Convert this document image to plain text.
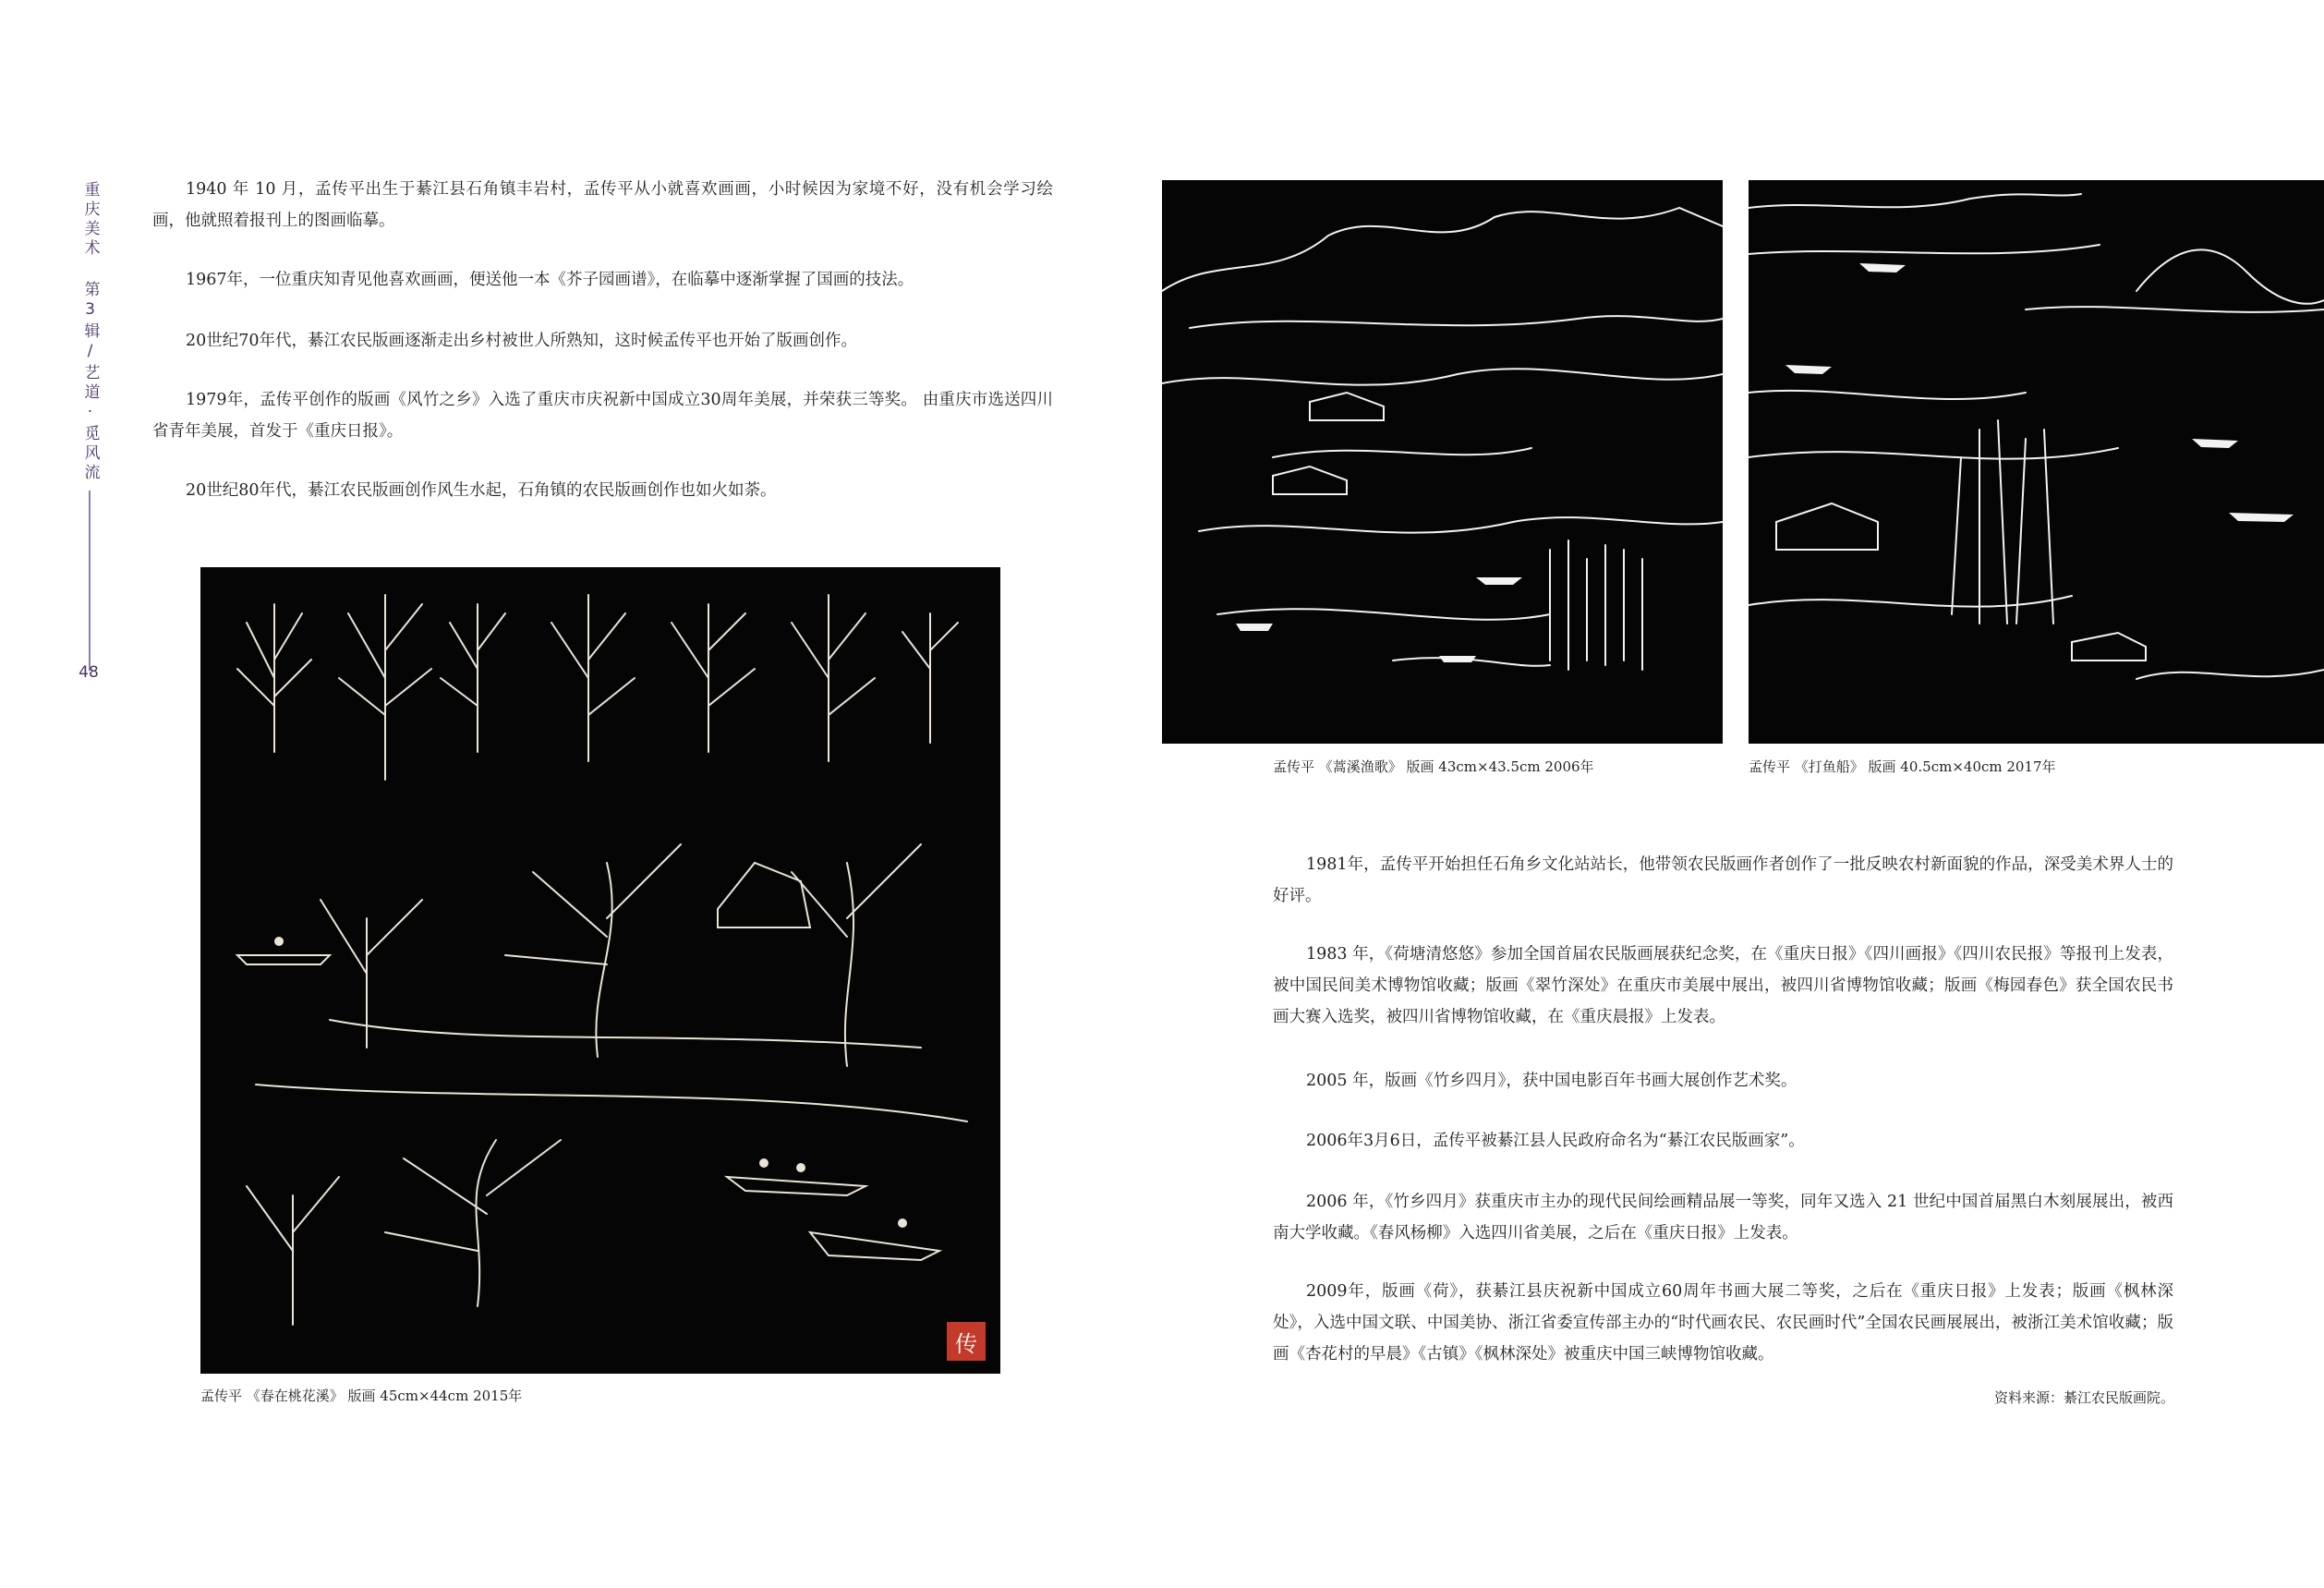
重庆美术 第3辑/艺道·觅风流
48

1940 年 10 月，孟传平出生于綦江县石角镇丰岩村，孟传平从小就喜欢画画，小时候因为家境不好，没有机会学习绘画，他就照着报刊上的图画临摹。

1967年，一位重庆知青见他喜欢画画，便送他一本《芥子园画谱》，在临摹中逐渐掌握了国画的技法。

20世纪70年代，綦江农民版画逐渐走出乡村被世人所熟知，这时候孟传平也开始了版画创作。

1979年，孟传平创作的版画《风竹之乡》入选了重庆市庆祝新中国成立30周年美展，并荣获三等奖。 由重庆市选送四川省青年美展，首发于《重庆日报》。

20世纪80年代，綦江农民版画创作风生水起，石角镇的农民版画创作也如火如荼。

传
孟传平 《春在桃花溪》 版画 45cm×44cm 2015年
孟传平 《蒿溪渔歌》 版画 43cm×43.5cm 2006年	孟传平 《打鱼船》 版画 40.5cm×40cm 2017年

1981年，孟传平开始担任石角乡文化站站长，他带领农民版画作者创作了一批反映农村新面貌的作品，深受美术界人士的好评。

1983 年，《荷塘清悠悠》参加全国首届农民版画展获纪念奖，在《重庆日报》《四川画报》《四川农民报》等报刊上发表，被中国民间美术博物馆收藏；版画《翠竹深处》在重庆市美展中展出，被四川省博物馆收藏；版画《梅园春色》获全国农民书画大赛入选奖，被四川省博物馆收藏，在《重庆晨报》上发表。

2005 年，版画《竹乡四月》，获中国电影百年书画大展创作艺术奖。

2006年3月6日，孟传平被綦江县人民政府命名为“綦江农民版画家”。

2006 年，《竹乡四月》获重庆市主办的现代民间绘画精品展一等奖，同年又选入 21 世纪中国首届黑白木刻展展出，被西南大学收藏。《春风杨柳》入选四川省美展，之后在《重庆日报》上发表。

2009年，版画《荷》，获綦江县庆祝新中国成立60周年书画大展二等奖，之后在《重庆日报》上发表；版画《枫林深处》，入选中国文联、中国美协、浙江省委宣传部主办的“时代画农民、农民画时代”全国农民画展展出，被浙江美术馆收藏；版画《杏花村的早晨》《古镇》《枫林深处》被重庆中国三峡博物馆收藏。

资料来源：綦江农民版画院。
